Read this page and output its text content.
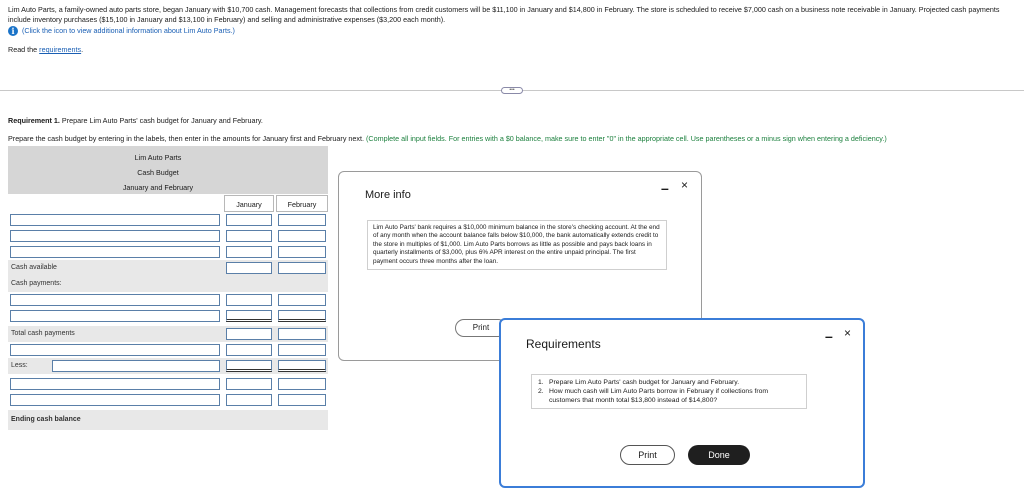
Lim Auto Parts, a family-owned auto parts store, began January with $10,700 cash. Management forecasts that collections from credit customers will be $11,100 in January and $14,800 in February. The store is scheduled to receive $7,000 cash on a business note receivable in January. Projected cash payments include inventory purchases ($15,100 in January and $13,100 in February) and selling and administrative expenses ($3,200 each month).
i	(Click the icon to view additional information about Lim Auto Parts.)
Read the requirements.
•••
Requirement 1. Prepare Lim Auto Parts' cash budget for January and February.
Prepare the cash budget by entering in the labels, then enter in the amounts for January first and February next. (Complete all input fields. For entries with a $0 balance, make sure to enter "0" in the appropriate cell. Use parentheses or a minus sign when entering a deficiency.)
Lim Auto Parts
Cash Budget
January and February
January	February
Cash available
Cash payments:
Total cash payments
Less:
Ending cash balance
More info	– ×
Lim Auto Parts' bank requires a $10,000 minimum balance in the store's checking account. At the end of any month when the account balance falls below $10,000, the bank automatically extends credit to the store in multiples of $1,000. Lim Auto Parts borrows as little as possible and pays back loans in quarterly installments of $3,000, plus 6% APR interest on the entire unpaid principal. The first payment occurs three months after the loan.
Print
Requirements	– ×
1. Prepare Lim Auto Parts' cash budget for January and February.
2. How much cash will Lim Auto Parts borrow in February if collections from customers that month total $13,800 instead of $14,800?
Print	Done
